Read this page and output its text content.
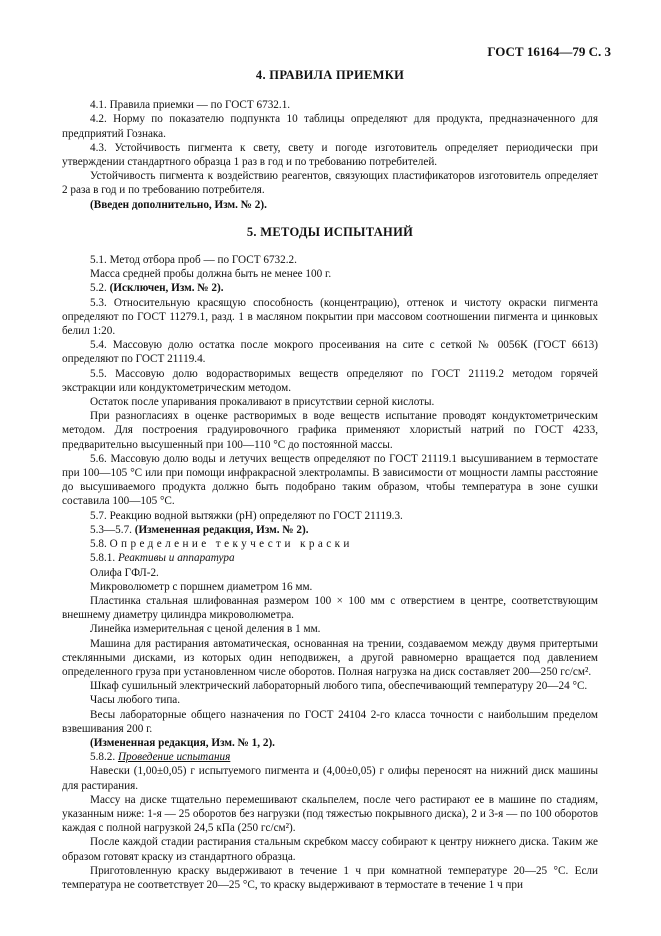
ГОСТ 16164—79 С. 3
4. ПРАВИЛА ПРИЕМКИ

4.1. Правила приемки — по ГОСТ 6732.1.

4.2. Норму по показателю подпункта 10 таблицы определяют для продукта, предназначенного для предприятий Гознака.

4.3. Устойчивость пигмента к свету, свету и погоде изготовитель определяет периодически при утверждении стандартного образца 1 раз в год и по требованию потребителей.

Устойчивость пигмента к воздействию реагентов, связующих пластификаторов изготовитель определяет 2 раза в год и по требованию потребителя.

(Введен дополнительно, Изм. № 2).

5. МЕТОДЫ ИСПЫТАНИЙ

5.1. Метод отбора проб — по ГОСТ 6732.2.

Масса средней пробы должна быть не менее 100 г.

5.2. (Исключен, Изм. № 2).

5.3. Относительную красящую способность (концентрацию), оттенок и чистоту окраски пигмента определяют по ГОСТ 11279.1, разд. 1 в масляном покрытии при массовом соотношении пигмента и цинковых белил 1:20.

5.4. Массовую долю остатка после мокрого просеивания на сите с сеткой № 0056К (ГОСТ 6613) определяют по ГОСТ 21119.4.

5.5. Массовую долю водорастворимых веществ определяют по ГОСТ 21119.2 методом горячей экстракции или кондуктометрическим методом.

Остаток после упаривания прокаливают в присутствии серной кислоты.

При разногласиях в оценке растворимых в воде веществ испытание проводят кондуктометрическим методом. Для построения градуировочного графика применяют хлористый натрий по ГОСТ 4233, предварительно высушенный при 100—110 °С до постоянной массы.

5.6. Массовую долю воды и летучих веществ определяют по ГОСТ 21119.1 высушиванием в термостате при 100—105 °С или при помощи инфракрасной электролампы. В зависимости от мощности лампы расстояние до высушиваемого продукта должно быть подобрано таким образом, чтобы температура в зоне сушки составила 100—105 °С.

5.7. Реакцию водной вытяжки (рН) определяют по ГОСТ 21119.3.

5.3—5.7. (Измененная редакция, Изм. № 2).

5.8. Определение текучести краски

5.8.1. Реактивы и аппаратура

Олифа ГФЛ-2.

Микроволюметр с поршнем диаметром 16 мм.

Пластинка стальная шлифованная размером 100 × 100 мм с отверстием в центре, соответствующим внешнему диаметру цилиндра микроволюметра.

Линейка измерительная с ценой деления в 1 мм.

Машина для растирания автоматическая, основанная на трении, создаваемом между двумя притертыми стеклянными дисками, из которых один неподвижен, а другой равномерно вращается под давлением определенного груза при установленном числе оборотов. Полная нагрузка на диск составляет 200—250 гс/см².

Шкаф сушильный электрический лабораторный любого типа, обеспечивающий температуру 20—24 °С.

Часы любого типа.

Весы лабораторные общего назначения по ГОСТ 24104 2-го класса точности с наибольшим пределом взвешивания 200 г.

(Измененная редакция, Изм. № 1, 2).

5.8.2. Проведение испытания

Навески (1,00±0,05) г испытуемого пигмента и (4,00±0,05) г олифы переносят на нижний диск машины для растирания.

Массу на диске тщательно перемешивают скальпелем, после чего растирают ее в машине по стадиям, указанным ниже: 1-я — 25 оборотов без нагрузки (под тяжестью покрывного диска), 2 и 3-я — по 100 оборотов каждая с полной нагрузкой 24,5 кПа (250 гс/см²).

После каждой стадии растирания стальным скребком массу собирают к центру нижнего диска. Таким же образом готовят краску из стандартного образца.

Приготовленную краску выдерживают в течение 1 ч при комнатной температуре 20—25 °С. Если температура не соответствует 20—25 °С, то краску выдерживают в термостате в течение 1 ч при
